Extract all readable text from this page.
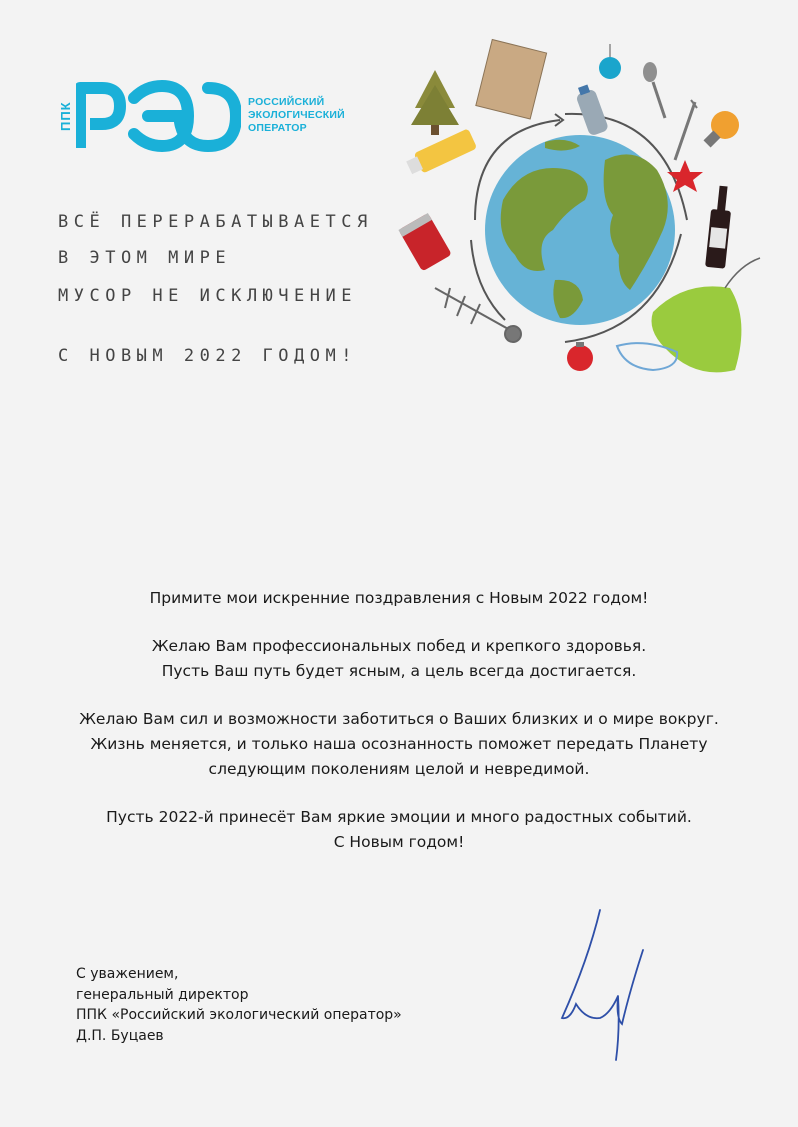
ППК	РОССИЙСКИЙ
ЭКОЛОГИЧЕСКИЙ
ОПЕРАТОР
ВСЁ ПЕРЕРАБАТЫВАЕТСЯ
В ЭТОМ МИРЕ
МУСОР НЕ ИСКЛЮЧЕНИЕ
С НОВЫМ 2022 ГОДОМ!

Примите мои искренние поздравления с Новым 2022 годом!

Желаю Вам профессиональных побед и крепкого здоровья.
Пусть Ваш путь будет ясным, а цель всегда достигается.

Желаю Вам сил и возможности заботиться о Ваших близких и о мире вокруг.
Жизнь меняется, и только наша осознанность поможет передать Планету
следующим поколениям целой и невредимой.

Пусть 2022-й принесёт Вам яркие эмоции и много радостных событий.
С Новым годом!

С уважением,
генеральный директор
ППК «Российский экологический оператор»
Д.П. Буцаев
